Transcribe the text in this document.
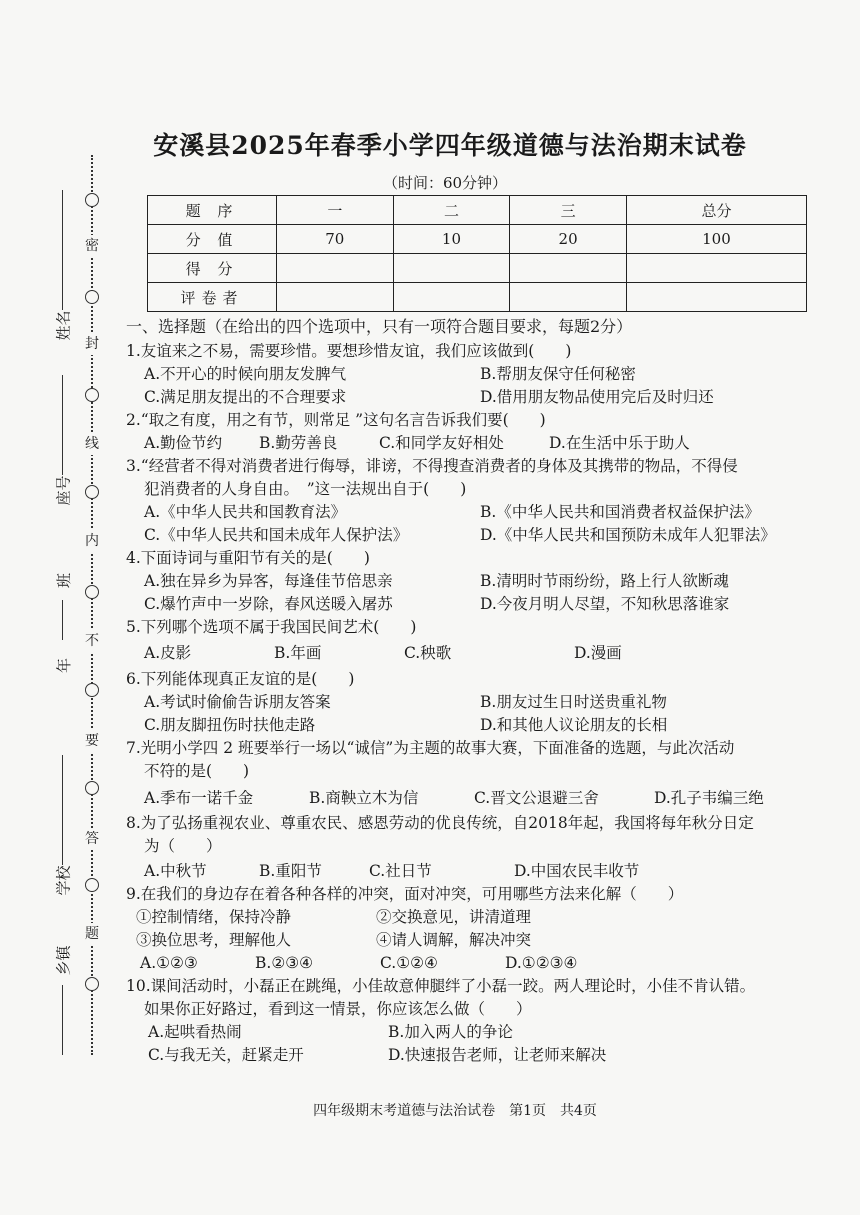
安溪县2025年春季小学四年级道德与法治期末试卷
（时间：60分钟）
题 序	一	二	三	总分
分 值	70	10	20	100
得 分				
评卷者				
密
封
线
内
不
要
答
题
姓名
座号
班
年
学校
乡镇
一、选择题（在给出的四个选项中，只有一项符合题目要求，每题2分）
1.友谊来之不易，需要珍惜。要想珍惜友谊，我们应该做到(　　)
A.不开心的时候向朋友发脾气	B.帮朋友保守任何秘密
C.满足朋友提出的不合理要求	D.借用朋友物品使用完后及时归还
2.“取之有度，用之有节，则常足 ”这句名言告诉我们要(　　)
A.勤俭节约	B.勤劳善良	C.和同学友好相处	D.在生活中乐于助人
3.“经营者不得对消费者进行侮辱，诽谤，不得搜查消费者的身体及其携带的物品，不得侵
犯消费者的人身自由。　”这一法规出自于(　　)
A.《中华人民共和国教育法》	B.《中华人民共和国消费者权益保护法》
C.《中华人民共和国未成年人保护法》	D.《中华人民共和国预防未成年人犯罪法》
4.下面诗词与重阳节有关的是(　　)
A.独在异乡为异客，每逢佳节倍思亲	B.清明时节雨纷纷，路上行人欲断魂
C.爆竹声中一岁除，春风送暖入屠苏	D.今夜月明人尽望，不知秋思落谁家
5.下列哪个选项不属于我国民间艺术(　　)
A.皮影	B.年画	C.秧歌	D.漫画
6.下列能体现真正友谊的是(　　)
A.考试时偷偷告诉朋友答案	B.朋友过生日时送贵重礼物
C.朋友脚扭伤时扶他走路	D.和其他人议论朋友的长相
7.光明小学四 2 班要举行一场以“诚信”为主题的故事大赛，下面准备的选题，与此次活动
不符的是(　　)
A.季布一诺千金	B.商鞅立木为信	C.晋文公退避三舍	D.孔子韦编三绝
8.为了弘扬重视农业、尊重农民、感恩劳动的优良传统，自2018年起，我国将每年秋分日定
为（　　）
A.中秋节	B.重阳节	C.社日节	D.中国农民丰收节
9.在我们的身边存在着各种各样的冲突，面对冲突，可用哪些方法来化解（　　）
①控制情绪，保持冷静	②交换意见，讲清道理
③换位思考，理解他人	④请人调解，解决冲突
A.①②③	B.②③④	C.①②④	D.①②③④
10.课间活动时，小磊正在跳绳，小佳故意伸腿绊了小磊一跤。两人理论时，小佳不肯认错。
如果你正好路过，看到这一情景，你应该怎么做（　　）
A.起哄看热闹	B.加入两人的争论
C.与我无关，赶紧走开	D.快速报告老师，让老师来解决
四年级期末考道德与法治试卷　第1页　共4页
